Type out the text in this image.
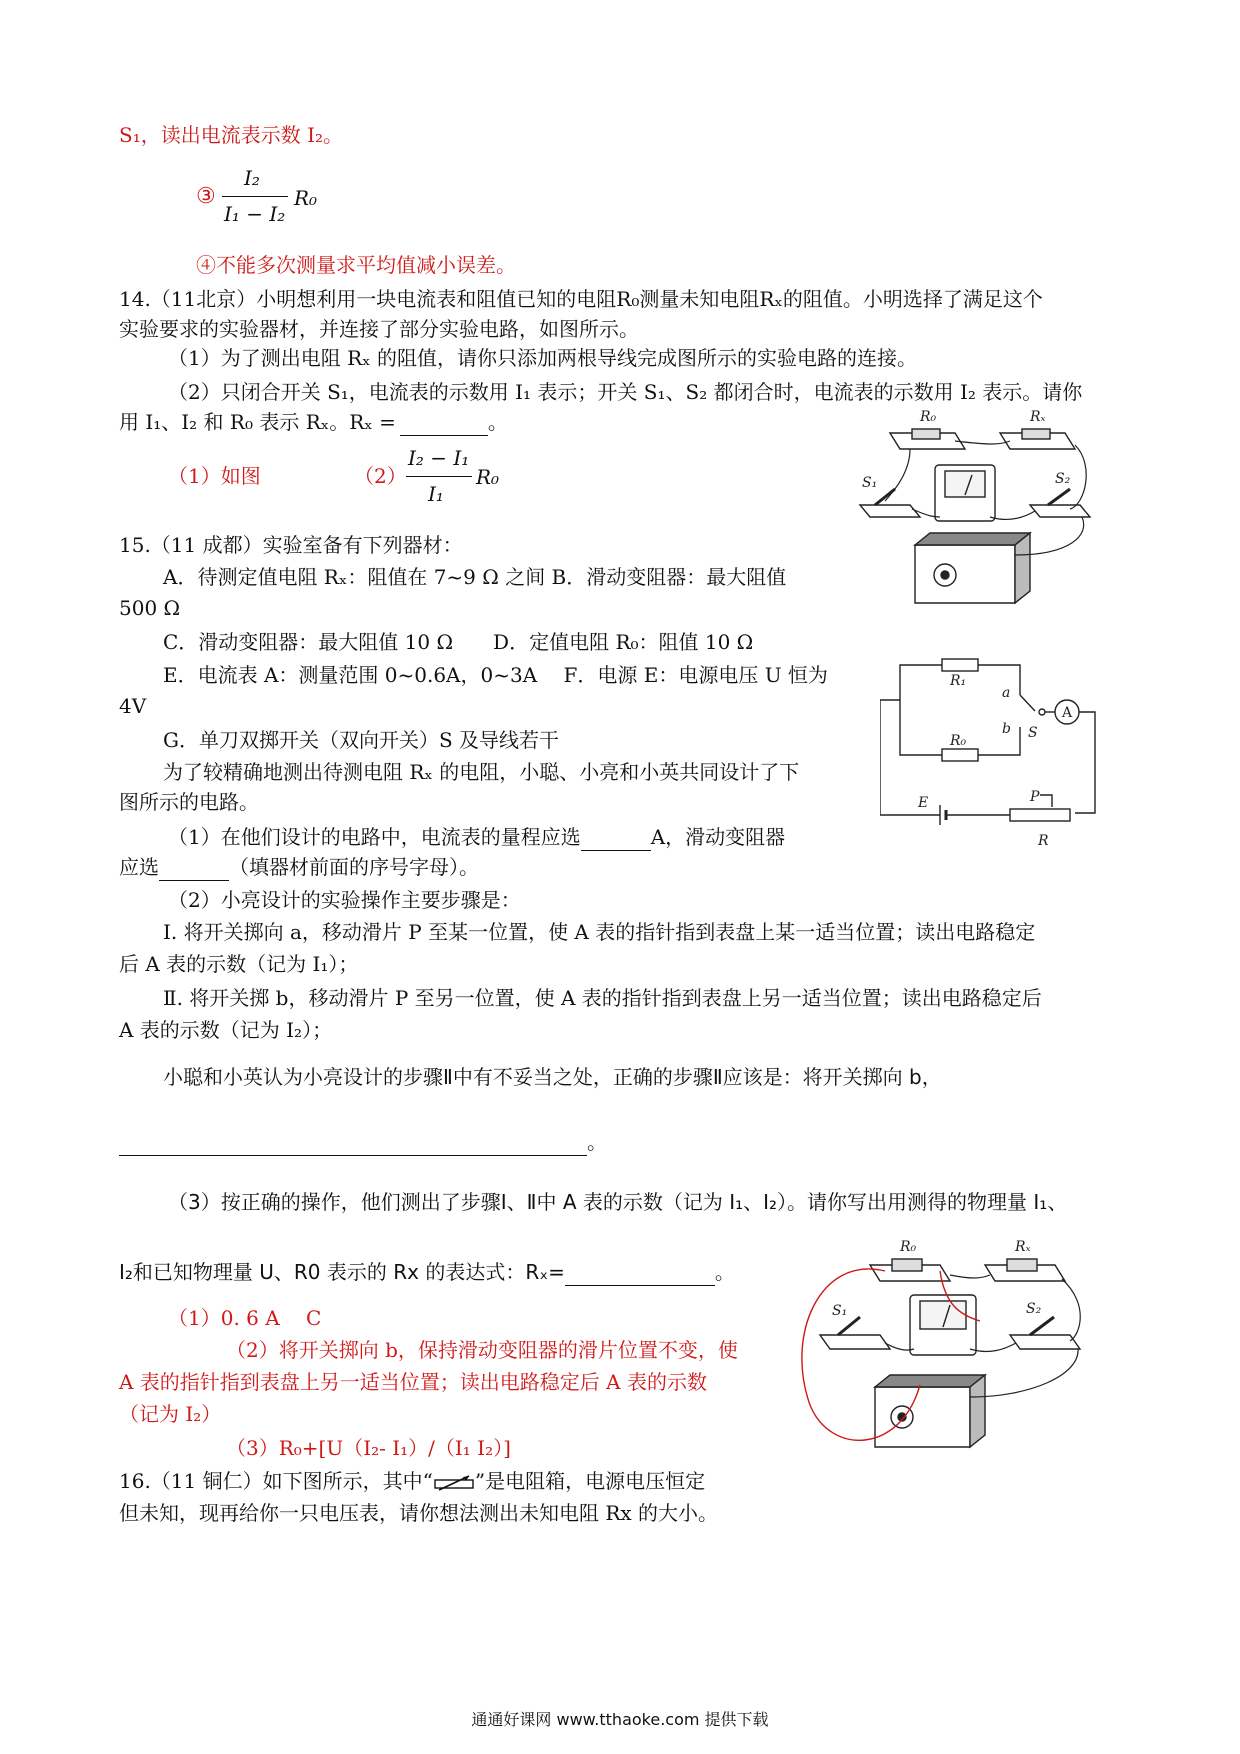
S₁，读出电流表示数 I₂。
③
I₂
I₁ − I₂
R₀
④不能多次测量求平均值减小误差。
14.（11北京）小明想利用一块电流表和阻值已知的电阻R₀测量未知电阻Rₓ的阻值。小明选择了满足这个
实验要求的实验器材，并连接了部分实验电路，如图所示。
（1）为了测出电阻 Rₓ 的阻值，请你只添加两根导线完成图所示的实验电路的连接。
（2）只闭合开关 S₁，电流表的示数用 I₁ 表示；开关 S₁、S₂ 都闭合时，电流表的示数用 I₂ 表示。请你
用 I₁、I₂ 和 R₀ 表示 Rₓ。Rₓ =	。
（1）如图	（2）
I₂ − I₁
I₁
R₀
R₀	Rₓ
S₁	S₂
15.（11 成都）实验室备有下列器材：
A．待测定值电阻 Rₓ：阻值在 7~9 Ω 之间 B．滑动变阻器：最大阻值
500 Ω
C．滑动变阻器：最大阻值 10 Ω　　D．定值电阻 R₀：阻值 10 Ω
E．电流表 A：测量范围 0~0.6A，0~3A　 F．电源 E：电源电压 U 恒为
4V
G．单刀双掷开关（双向开关）S 及导线若干
为了较精确地测出待测电阻 Rₓ 的电阻，小聪、小亮和小英共同设计了下
图所示的电路。
（1）在他们设计的电路中，电流表的量程应选	A，滑动变阻器
应选	（填器材前面的序号字母）。
（2）小亮设计的实验操作主要步骤是：
Ⅰ. 将开关掷向 a，移动滑片 P 至某一位置，使 A 表的指针指到表盘上某一适当位置；读出电路稳定
后 A 表的示数（记为 I₁）；
Ⅱ. 将开关掷 b，移动滑片 P 至另一位置，使 A 表的指针指到表盘上另一适当位置；读出电路稳定后
A 表的示数（记为 I₂）；
小聪和小英认为小亮设计的步骤Ⅱ中有不妥当之处，正确的步骤Ⅱ应该是：将开关掷向 b，
。
（3）按正确的操作，他们测出了步骤Ⅰ、Ⅱ中 A 表的示数（记为 I₁、I₂）。请你写出用测得的物理量 I₁、
I₂和已知物理量 U、R0 表示的 Rx 的表达式：Rₓ=	。
（1）0. 6 A　 C
（2）将开关掷向 b，保持滑动变阻器的滑片位置不变，使
A 表的指针指到表盘上另一适当位置；读出电路稳定后 A 表的示数
（记为 I₂）
（3）R₀+[U（I₂- I₁）/（I₁ I₂）]
R₁
R₀
a
b S
A
E	P
R
R₀	Rₓ
S₁	S₂
16.（11 铜仁）如下图所示，其中“ ”是电阻箱，电源电压恒定
但未知，现再给你一只电压表，请你想法测出未知电阻 Rx 的大小。
通通好课网 www.tthaoke.com 提供下载
